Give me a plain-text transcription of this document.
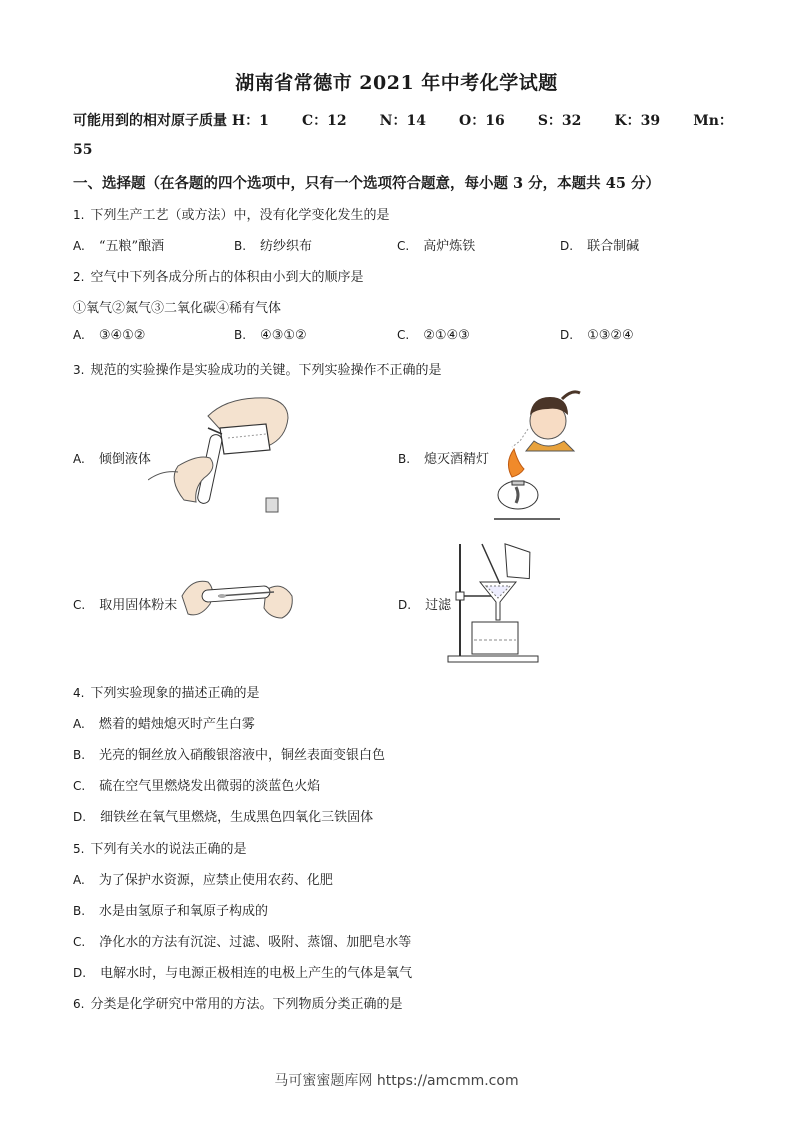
湖南省常德市 2021 年中考化学试题
可能用到的相对原子质量 H：1 C：12 N：14 O：16 S：32 K：39 Mn：
55
一、选择题（在各题的四个选项中，只有一个选项符合题意，每小题 3 分，本题共 45 分）
1. 下列生产工艺（或方法）中，没有化学变化发生的是
A. “五粮”酿酒	B. 纺纱织布	C. 高炉炼铁	D. 联合制碱
2. 空气中下列各成分所占的体积由小到大的顺序是
①氧气②氮气③二氧化碳④稀有气体
A. ③④①②	B. ④③①②	C. ②①④③	D. ①③②④
3. 规范的实验操作是实验成功的关键。下列实验操作不正确的是
A. 倾倒液体	B. 熄灭酒精灯
C. 取用固体粉末	D. 过滤
4. 下列实验现象的描述正确的是
A. 燃着的蜡烛熄灭时产生白雾
B. 光亮的铜丝放入硝酸银溶液中，铜丝表面变银白色
C. 硫在空气里燃烧发出微弱的淡蓝色火焰
D. 细铁丝在氧气里燃烧，生成黑色四氧化三铁固体
5. 下列有关水的说法正确的是
A. 为了保护水资源，应禁止使用农药、化肥
B. 水是由氢原子和氧原子构成的
C. 净化水的方法有沉淀、过滤、吸附、蒸馏、加肥皂水等
D. 电解水时，与电源正极相连的电极上产生的气体是氧气
6. 分类是化学研究中常用的方法。下列物质分类正确的是
马可蜜蜜题库网 https://amcmm.com
